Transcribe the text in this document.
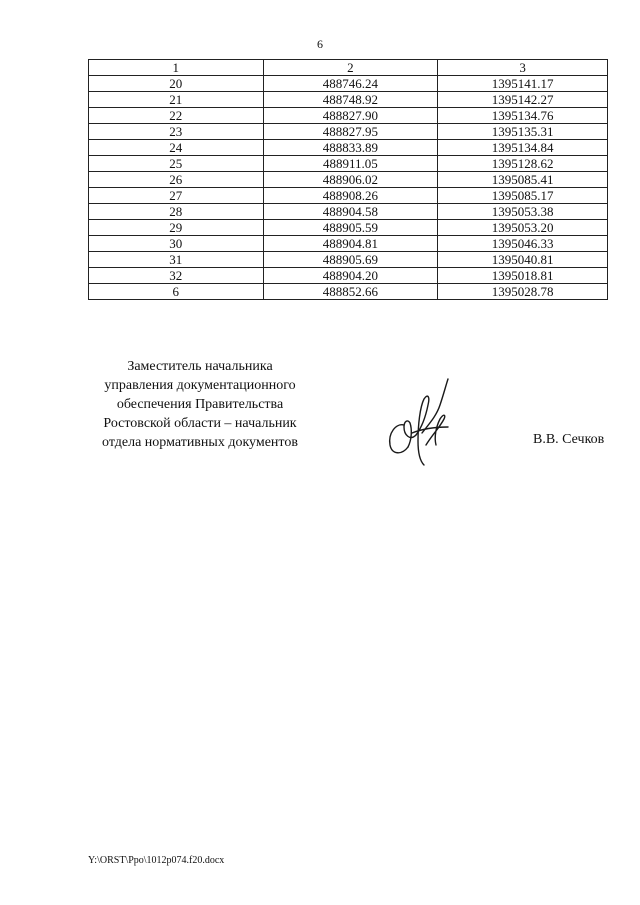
6
1	2	3
20	488746.24	1395141.17
21	488748.92	1395142.27
22	488827.90	1395134.76
23	488827.95	1395135.31
24	488833.89	1395134.84
25	488911.05	1395128.62
26	488906.02	1395085.41
27	488908.26	1395085.17
28	488904.58	1395053.38
29	488905.59	1395053.20
30	488904.81	1395046.33
31	488905.69	1395040.81
32	488904.20	1395018.81
6	488852.66	1395028.78
Заместитель начальника
управления документационного
обеспечения Правительства
Ростовской области – начальник
отдела нормативных документов	В.В. Сечков
Y:\ORST\Ppo\1012p074.f20.docx
